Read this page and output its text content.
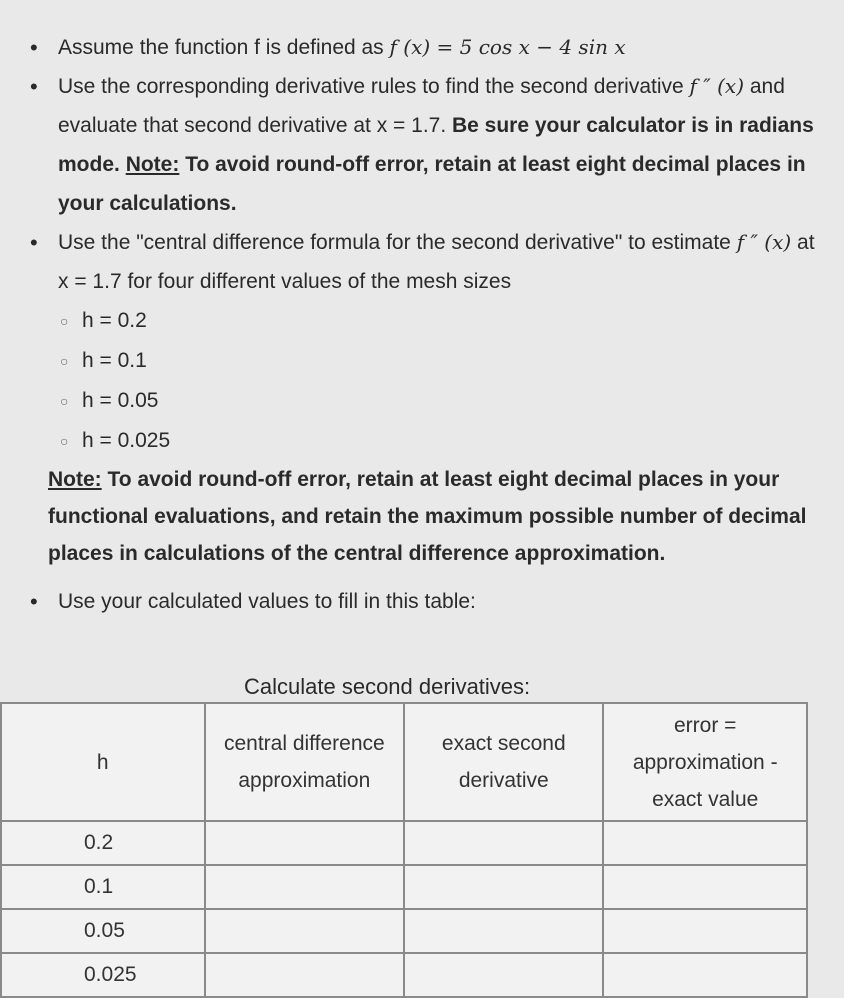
• Assume the function f is defined as f (x) = 5 cos x − 4 sin x
• Use the corresponding derivative rules to find the second derivative f ″ (x) and evaluate that second derivative at x = 1.7. Be sure your calculator is in radians mode. Note: To avoid round-off error, retain at least eight decimal places in your calculations.
• Use the "central difference formula for the second derivative" to estimate f ″ (x) at x = 1.7 for four different values of the mesh sizes
○ h = 0.2
○ h = 0.1
○ h = 0.05
○ h = 0.025
Note: To avoid round-off error, retain at least eight decimal places in your functional evaluations, and retain the maximum possible number of decimal places in calculations of the central difference approximation.
• Use your calculated values to fill in this table:
Calculate second derivatives:
h	central difference approximation	exact second derivative	error = approximation - exact value
0.2			
0.1			
0.05			
0.025			
